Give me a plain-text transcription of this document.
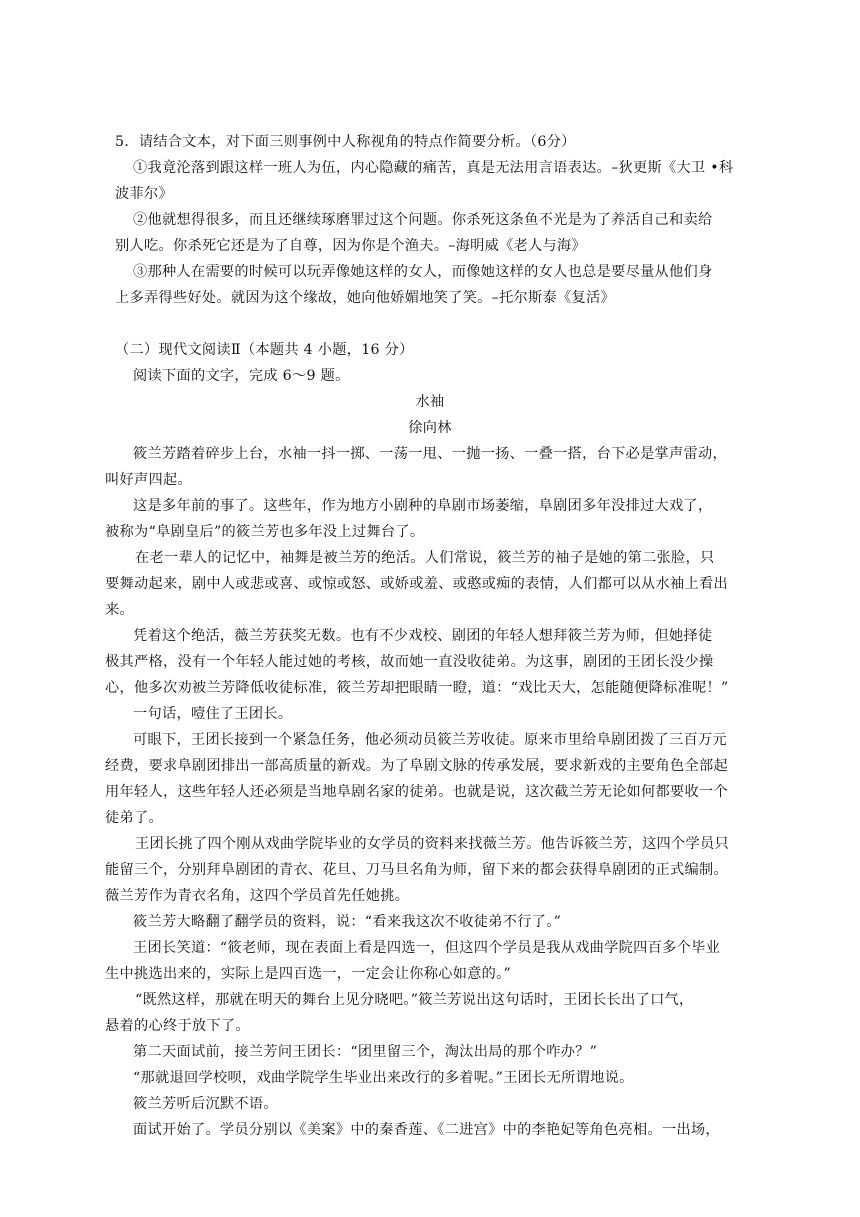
5．请结合文本，对下面三则事例中人称视角的特点作简要分析。（6分）
①我竟沦落到跟这样一班人为伍，内心隐藏的痛苦，真是无法用言语表达。–狄更斯《大卫 •科
波菲尔》
②他就想得很多，而且还继续琢磨罪过这个问题。你杀死这条鱼不光是为了养活自己和卖给
别人吃。你杀死它还是为了自尊，因为你是个渔夫。–海明威《老人与海》
③那种人在需要的时候可以玩弄像她这样的女人，而像她这样的女人也总是要尽量从他们身
上多弄得些好处。就因为这个缘故，她向他娇媚地笑了笑。–托尔斯泰《复活》
（二）现代文阅读Ⅱ（本题共 4 小题，16 分）
阅读下面的文字，完成 6～9 题。
水袖
徐向林
筱兰芳踏着碎步上台，水袖一抖一掷、一荡一甩、一抛一扬、一叠一搭，台下必是掌声雷动，
叫好声四起。
这是多年前的事了。这些年，作为地方小剧种的阜剧市场萎缩，阜剧团多年没排过大戏了，
被称为“阜剧皇后”的筱兰芳也多年没上过舞台了。
在老一辈人的记忆中，袖舞是被兰芳的绝活。人们常说，筱兰芳的袖子是她的第二张脸，只
要舞动起来，剧中人或悲或喜、或惊或怒、或娇或羞、或憨或痴的表情，人们都可以从水袖上看出
来。
凭着这个绝活，薇兰芳获奖无数。也有不少戏校、剧团的年轻人想拜筱兰芳为师，但她择徒
极其严格，没有一个年轻人能过她的考核，故而她一直没收徒弟。为这事，剧团的王团长没少操
心，他多次劝被兰芳降低收徒标准，筱兰芳却把眼睛一瞪，道：“戏比天大，怎能随便降标准呢！”
一句话，噎住了王团长。
可眼下，王团长接到一个紧急任务，他必须动员筱兰芳收徒。原来市里给阜剧团拨了三百万元
经费，要求阜剧团排出一部高质量的新戏。为了阜剧文脉的传承发展，要求新戏的主要角色全部起
用年轻人，这些年轻人还必须是当地阜剧名家的徒弟。也就是说，这次截兰芳无论如何都要收一个
徒弟了。
王团长挑了四个刚从戏曲学院毕业的女学员的资料来找薇兰芳。他告诉筱兰芳，这四个学员只
能留三个，分别拜阜剧团的青衣、花旦、刀马旦名角为师，留下来的都会获得阜剧团的正式编制。
薇兰芳作为青衣名角，这四个学员首先任她挑。
筱兰芳大略翻了翻学员的资料，说：“看来我这次不收徒弟不行了。”
王团长笑道：“筱老师，现在表面上看是四选一，但这四个学员是我从戏曲学院四百多个毕业
生中挑选出来的，实际上是四百选一，一定会让你称心如意的。”
“既然这样，那就在明天的舞台上见分晓吧。”筱兰芳说出这句话时，王团长长出了口气，
悬着的心终于放下了。
第二天面试前，接兰芳问王团长：“团里留三个，淘汰出局的那个咋办？”
“那就退回学校呗，戏曲学院学生毕业出来改行的多着呢。”王团长无所谓地说。
筱兰芳听后沉默不语。
面试开始了。学员分别以《美案》中的秦香莲、《二进宫》中的李艳妃等角色亮相。一出场，
